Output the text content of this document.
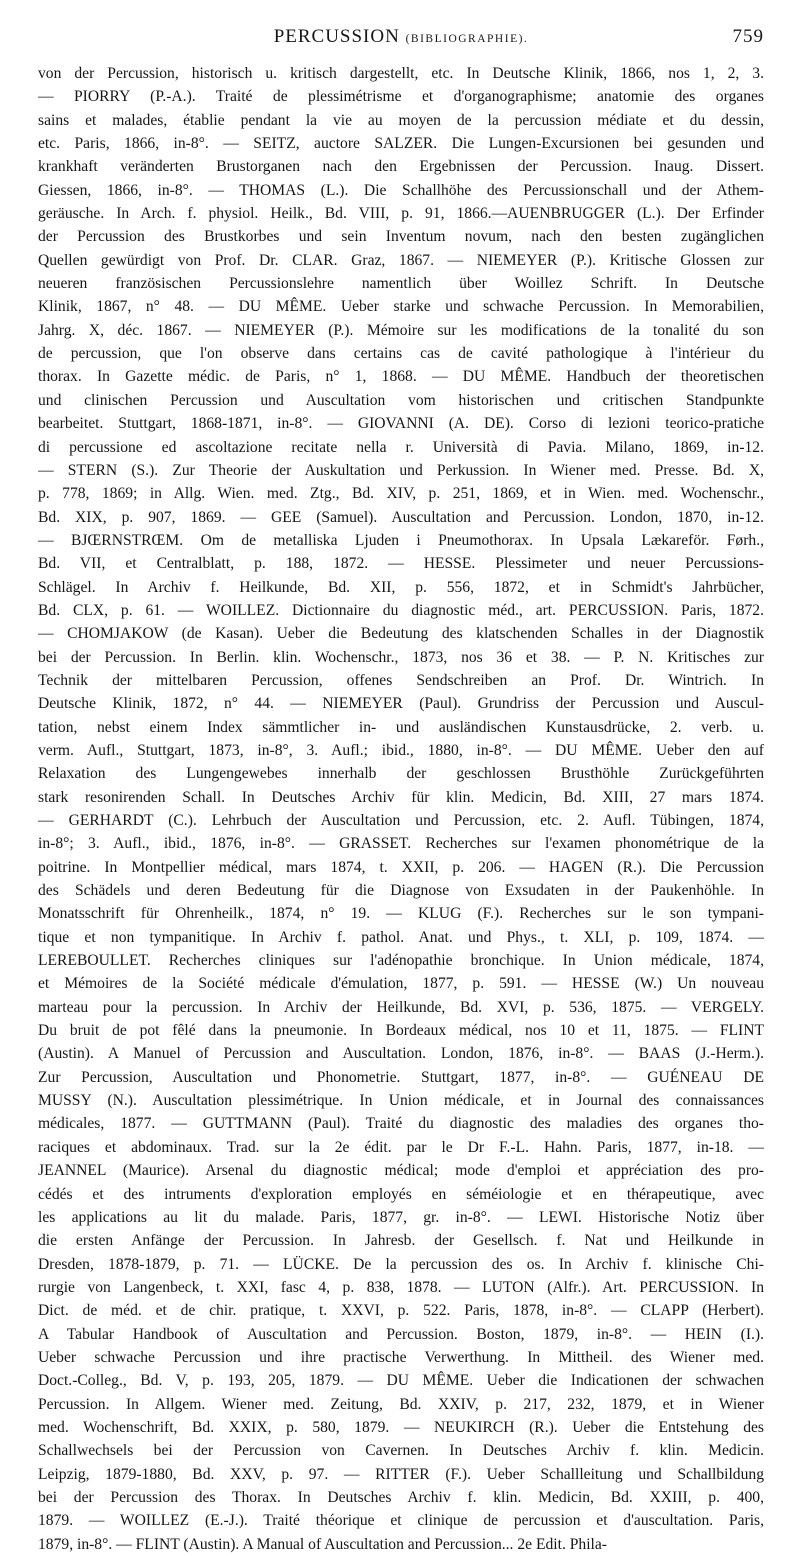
PERCUSSION (BIBLIOGRAPHIE).	759
von der Percussion, historisch u. kritisch dargestellt, etc. In Deutsche Klinik, 1866, nos 1, 2, 3.
— PIORRY (P.-A.). Traité de plessimétrisme et d'organographisme; anatomie des organes
sains et malades, établie pendant la vie au moyen de la percussion médiate et du dessin,
etc. Paris, 1866, in-8°. — SEITZ, auctore SALZER. Die Lungen-Excursionen bei gesunden und
krankhaft veränderten Brustorganen nach den Ergebnissen der Percussion. Inaug. Dissert.
Giessen, 1866, in-8°. — THOMAS (L.). Die Schallhöhe des Percussionschall und der Athem-
geräusche. In Arch. f. physiol. Heilk., Bd. VIII, p. 91, 1866.—AUENBRUGGER (L.). Der Erfinder
der Percussion des Brustkorbes und sein Inventum novum, nach den besten zugänglichen
Quellen gewürdigt von Prof. Dr. CLAR. Graz, 1867. — NIEMEYER (P.). Kritische Glossen zur
neueren französischen Percussionslehre namentlich über Woillez Schrift. In Deutsche
Klinik, 1867, n° 48. — DU MÊME. Ueber starke und schwache Percussion. In Memorabilien,
Jahrg. X, déc. 1867. — NIEMEYER (P.). Mémoire sur les modifications de la tonalité du son
de percussion, que l'on observe dans certains cas de cavité pathologique à l'intérieur du
thorax. In Gazette médic. de Paris, n° 1, 1868. — DU MÊME. Handbuch der theoretischen
und clinischen Percussion und Auscultation vom historischen und critischen Standpunkte
bearbeitet. Stuttgart, 1868-1871, in-8°. — GIOVANNI (A. DE). Corso di lezioni teorico-pratiche
di percussione ed ascoltazione recitate nella r. Università di Pavia. Milano, 1869, in-12.
— STERN (S.). Zur Theorie der Auskultation und Perkussion. In Wiener med. Presse. Bd. X,
p. 778, 1869; in Allg. Wien. med. Ztg., Bd. XIV, p. 251, 1869, et in Wien. med. Wochenschr.,
Bd. XIX, p. 907, 1869. — GEE (Samuel). Auscultation and Percussion. London, 1870, in-12.
— BJŒRNSTRŒM. Om de metalliska Ljuden i Pneumothorax. In Upsala Lækareför. Førh.,
Bd. VII, et Centralblatt, p. 188, 1872. — HESSE. Plessimeter und neuer Percussions-
Schlägel. In Archiv f. Heilkunde, Bd. XII, p. 556, 1872, et in Schmidt's Jahrbücher,
Bd. CLX, p. 61. — WOILLEZ. Dictionnaire du diagnostic méd., art. PERCUSSION. Paris, 1872.
— CHOMJAKOW (de Kasan). Ueber die Bedeutung des klatschenden Schalles in der Diagnostik
bei der Percussion. In Berlin. klin. Wochenschr., 1873, nos 36 et 38. — P. N. Kritisches zur
Technik der mittelbaren Percussion, offenes Sendschreiben an Prof. Dr. Wintrich. In
Deutsche Klinik, 1872, n° 44. — NIEMEYER (Paul). Grundriss der Percussion und Auscul-
tation, nebst einem Index sämmtlicher in- und ausländischen Kunstausdrücke, 2. verb. u.
verm. Aufl., Stuttgart, 1873, in-8°, 3. Aufl.; ibid., 1880, in-8°. — DU MÊME. Ueber den auf
Relaxation des Lungengewebes innerhalb der geschlossen Brusthöhle Zurückgeführten
stark resonirenden Schall. In Deutsches Archiv für klin. Medicin, Bd. XIII, 27 mars 1874.
— GERHARDT (C.). Lehrbuch der Auscultation und Percussion, etc. 2. Aufl. Tübingen, 1874,
in-8°; 3. Aufl., ibid., 1876, in-8°. — GRASSET. Recherches sur l'examen phonométrique de la
poitrine. In Montpellier médical, mars 1874, t. XXII, p. 206. — HAGEN (R.). Die Percussion
des Schädels und deren Bedeutung für die Diagnose von Exsudaten in der Paukenhöhle. In
Monatsschrift für Ohrenheilk., 1874, n° 19. — KLUG (F.). Recherches sur le son tympani-
tique et non tympanitique. In Archiv f. pathol. Anat. und Phys., t. XLI, p. 109, 1874. —
LEREBOULLET. Recherches cliniques sur l'adénopathie bronchique. In Union médicale, 1874,
et Mémoires de la Société médicale d'émulation, 1877, p. 591. — HESSE (W.) Un nouveau
marteau pour la percussion. In Archiv der Heilkunde, Bd. XVI, p. 536, 1875. — VERGELY.
Du bruit de pot fêlé dans la pneumonie. In Bordeaux médical, nos 10 et 11, 1875. — FLINT
(Austin). A Manuel of Percussion and Auscultation. London, 1876, in-8°. — BAAS (J.-Herm.).
Zur Percussion, Auscultation und Phonometrie. Stuttgart, 1877, in-8°. — GUÉNEAU DE
MUSSY (N.). Auscultation plessimétrique. In Union médicale, et in Journal des connaissances
médicales, 1877. — GUTTMANN (Paul). Traité du diagnostic des maladies des organes tho-
raciques et abdominaux. Trad. sur la 2e édit. par le Dr F.-L. Hahn. Paris, 1877, in-18. —
JEANNEL (Maurice). Arsenal du diagnostic médical; mode d'emploi et appréciation des pro-
cédés et des intruments d'exploration employés en séméiologie et en thérapeutique, avec
les applications au lit du malade. Paris, 1877, gr. in-8°. — LEWI. Historische Notiz über
die ersten Anfänge der Percussion. In Jahresb. der Gesellsch. f. Nat und Heilkunde in
Dresden, 1878-1879, p. 71. — LÜCKE. De la percussion des os. In Archiv f. klinische Chi-
rurgie von Langenbeck, t. XXI, fasc 4, p. 838, 1878. — LUTON (Alfr.). Art. PERCUSSION. In
Dict. de méd. et de chir. pratique, t. XXVI, p. 522. Paris, 1878, in-8°. — CLAPP (Herbert).
A Tabular Handbook of Auscultation and Percussion. Boston, 1879, in-8°. — HEIN (I.).
Ueber schwache Percussion und ihre practische Verwerthung. In Mittheil. des Wiener med.
Doct.-Colleg., Bd. V, p. 193, 205, 1879. — DU MÊME. Ueber die Indicationen der schwachen
Percussion. In Allgem. Wiener med. Zeitung, Bd. XXIV, p. 217, 232, 1879, et in Wiener
med. Wochenschrift, Bd. XXIX, p. 580, 1879. — NEUKIRCH (R.). Ueber die Entstehung des
Schallwechsels bei der Percussion von Cavernen. In Deutsches Archiv f. klin. Medicin.
Leipzig, 1879-1880, Bd. XXV, p. 97. — RITTER (F.). Ueber Schallleitung und Schallbildung
bei der Percussion des Thorax. In Deutsches Archiv f. klin. Medicin, Bd. XXIII, p. 400,
1879. — WOILLEZ (E.-J.). Traité théorique et clinique de percussion et d'auscultation. Paris,
1879, in-8°. — FLINT (Austin). A Manual of Auscultation and Percussion... 2e Edit. Phila-
